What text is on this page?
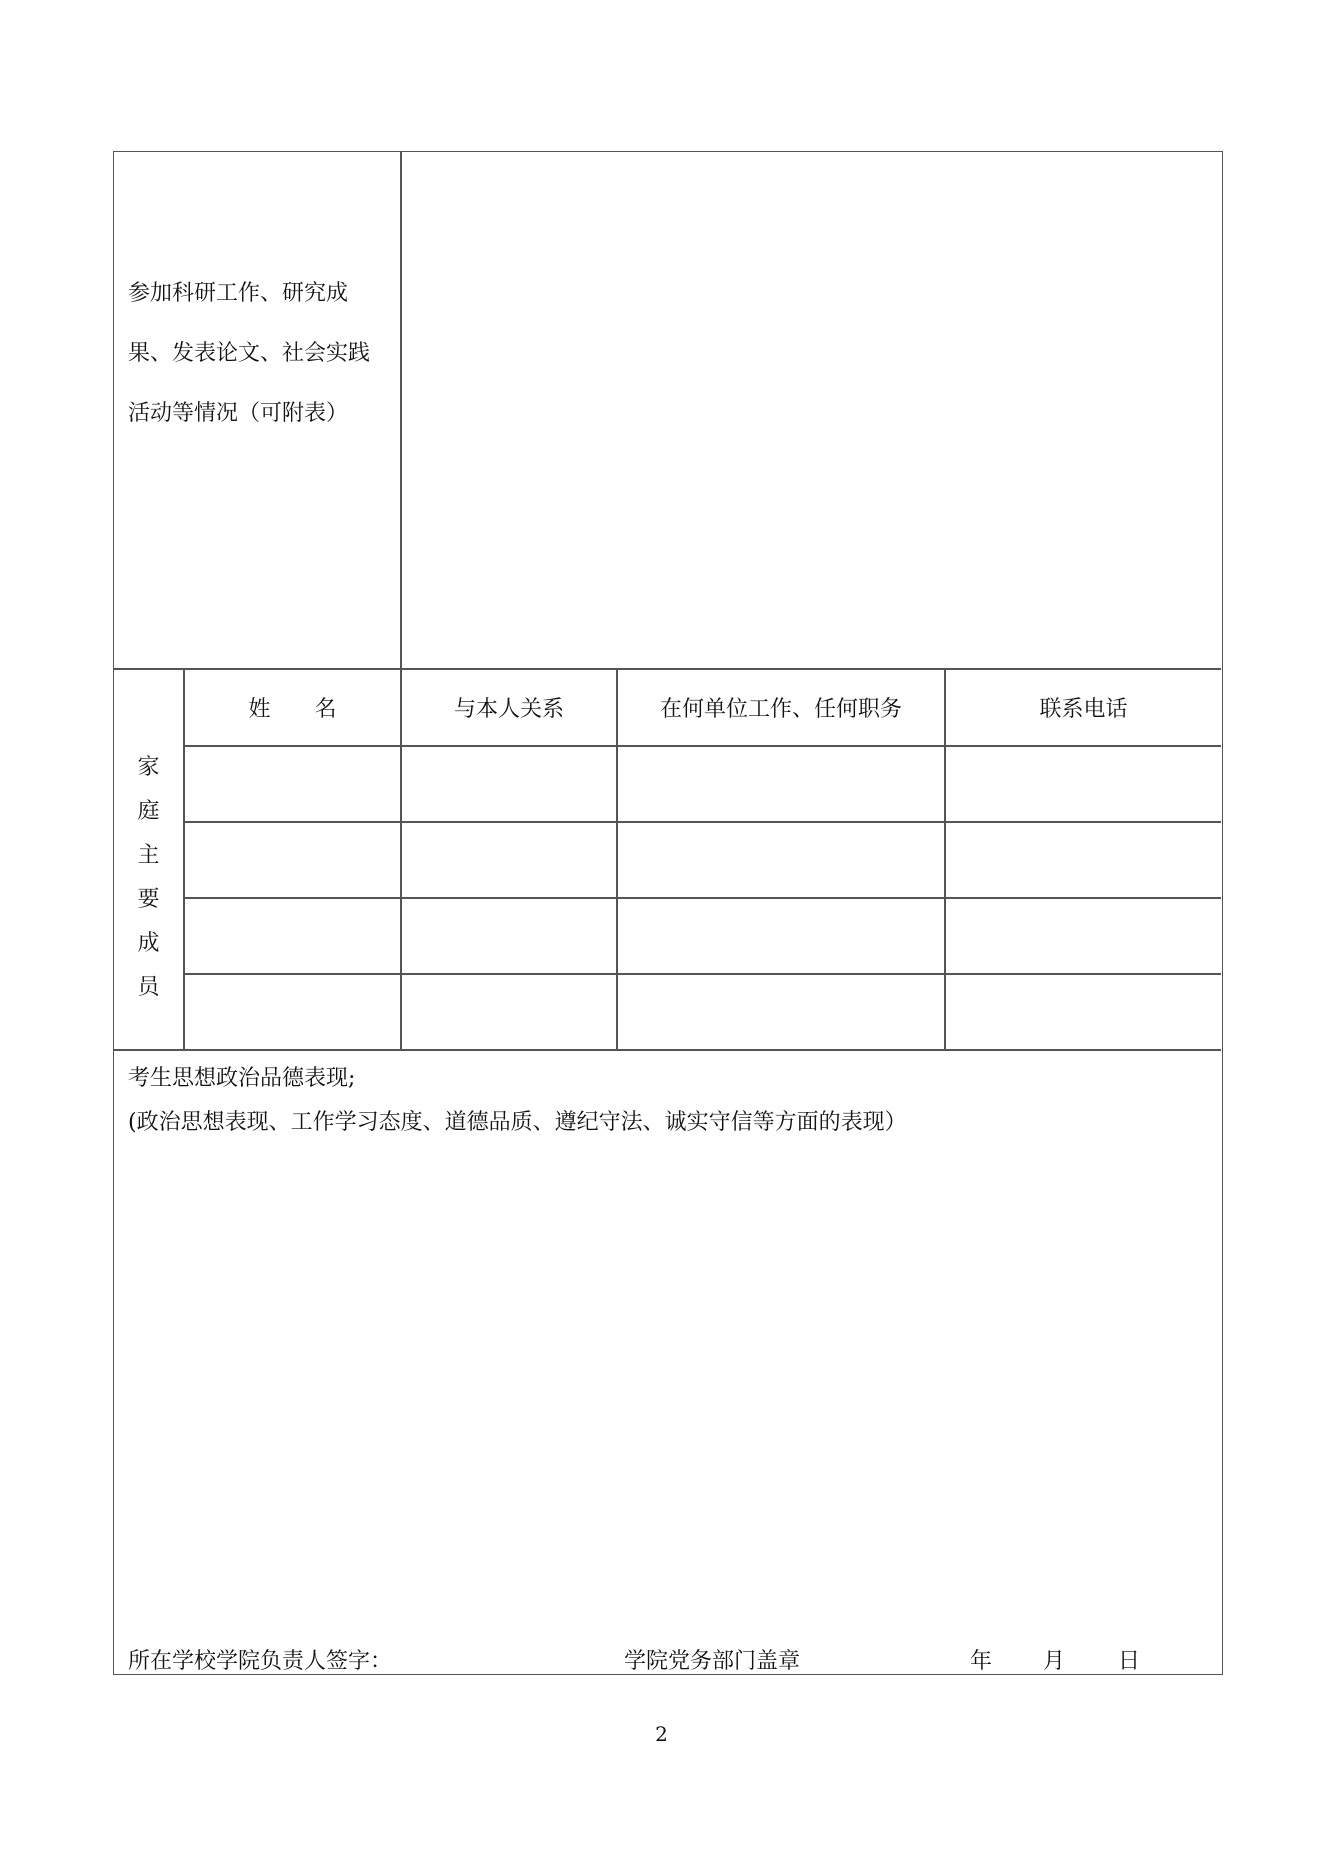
参加科研工作、研究成
果、发表论文、社会实践
活动等情况（可附表）
家
庭
主
要
成
员
姓　　名	与本人关系	在何单位工作、任何职务	联系电话
考生思想政治品德表现;
(政治思想表现、工作学习态度、道德品质、遵纪守法、诚实守信等方面的表现）
所在学校学院负责人签字：	学院党务部门盖章	年 月 日
2
